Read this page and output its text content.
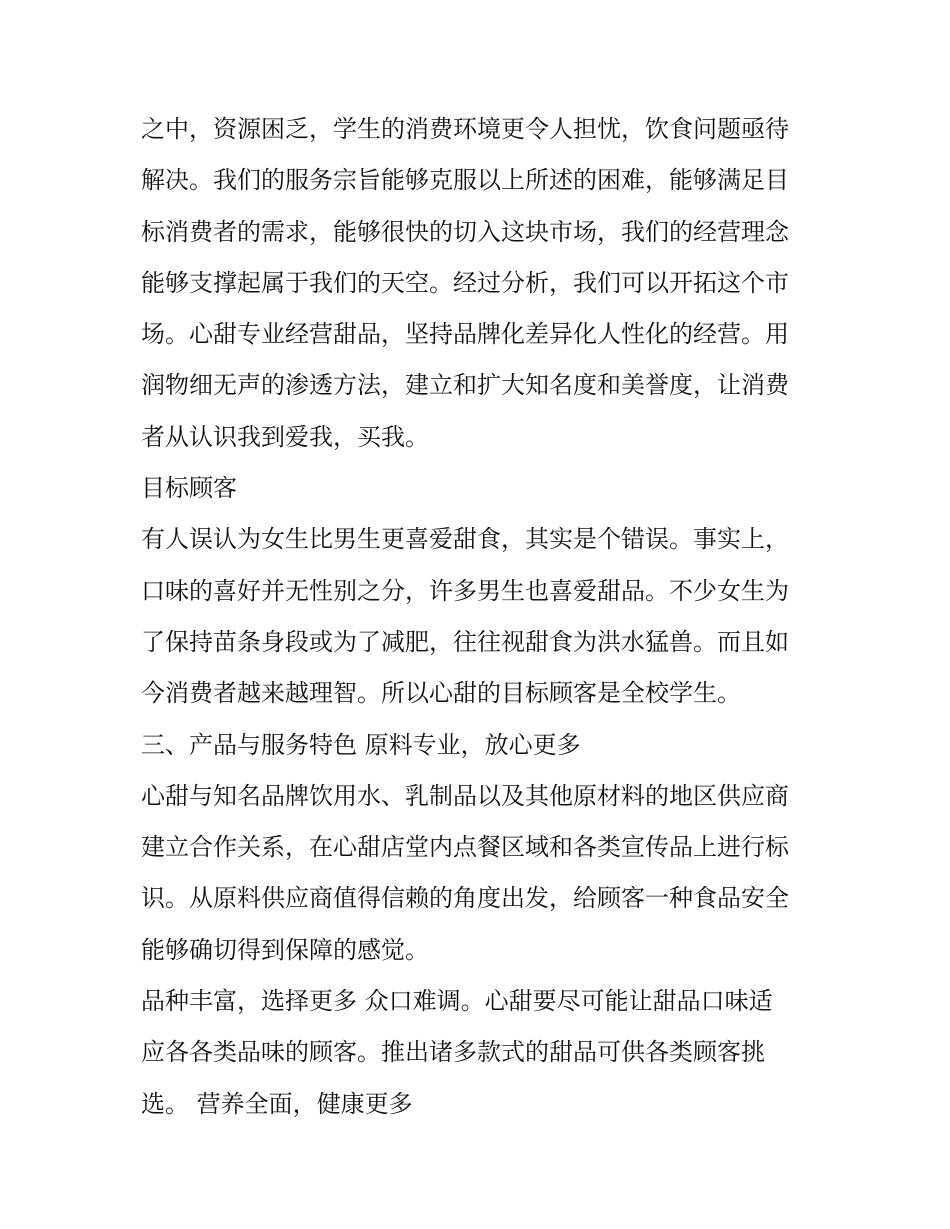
之中，资源困乏，学生的消费环境更令人担忧，饮食问题亟待
解决。我们的服务宗旨能够克服以上所述的困难，能够满足目
标消费者的需求，能够很快的切入这块市场，我们的经营理念
能够支撑起属于我们的天空。经过分析，我们可以开拓这个市
场。心甜专业经营甜品，坚持品牌化差异化人性化的经营。用
润物细无声的渗透方法，建立和扩大知名度和美誉度，让消费
者从认识我到爱我，买我。
目标顾客
有人误认为女生比男生更喜爱甜食，其实是个错误。事实上，
口味的喜好并无性别之分，许多男生也喜爱甜品。不少女生为
了保持苗条身段或为了减肥，往往视甜食为洪水猛兽。而且如
今消费者越来越理智。所以心甜的目标顾客是全校学生。
三、产品与服务特色 原料专业，放心更多
心甜与知名品牌饮用水、乳制品以及其他原材料的地区供应商
建立合作关系，在心甜店堂内点餐区域和各类宣传品上进行标
识。从原料供应商值得信赖的角度出发，给顾客一种食品安全
能够确切得到保障的感觉。
品种丰富，选择更多 众口难调。心甜要尽可能让甜品口味适
应各各类品味的顾客。推出诸多款式的甜品可供各类顾客挑
选。 营养全面，健康更多
